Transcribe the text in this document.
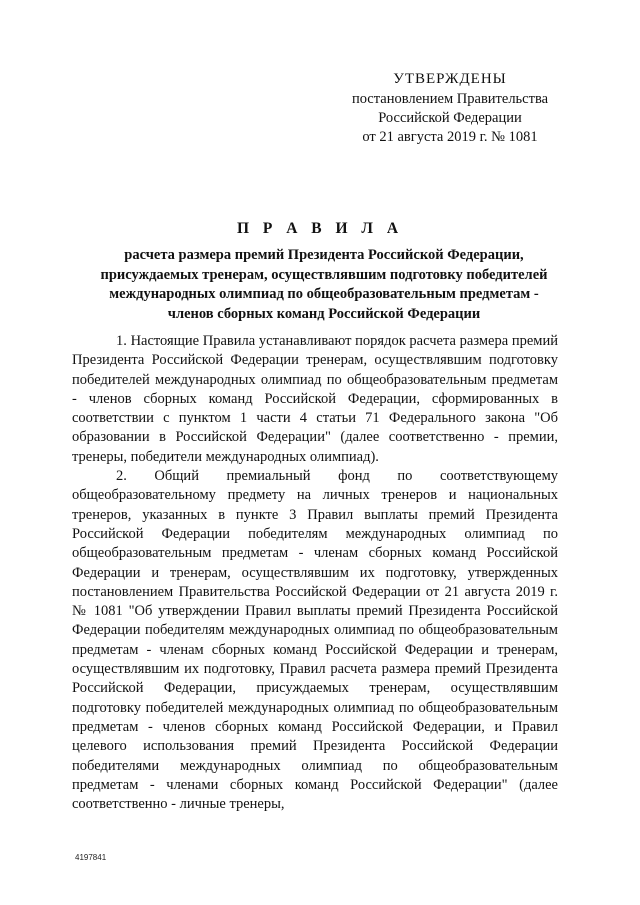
УТВЕРЖДЕНЫ
постановлением Правительства
Российской Федерации
от 21 августа 2019 г. № 1081
П Р А В И Л А
расчета размера премий Президента Российской Федерации, присуждаемых тренерам, осуществлявшим подготовку победителей международных олимпиад по общеобразовательным предметам - членов сборных команд Российской Федерации

1. Настоящие Правила устанавливают порядок расчета размера премий Президента Российской Федерации тренерам, осуществлявшим подготовку победителей международных олимпиад по общеобразовательным предметам - членов сборных команд Российской Федерации, сформированных в соответствии с пунктом 1 части 4 статьи 71 Федерального закона "Об образовании в Российской Федерации" (далее соответственно - премии, тренеры, победители международных олимпиад).

2. Общий премиальный фонд по соответствующему общеобразовательному предмету на личных тренеров и национальных тренеров, указанных в пункте 3 Правил выплаты премий Президента Российской Федерации победителям международных олимпиад по общеобразовательным предметам - членам сборных команд Российской Федерации и тренерам, осуществлявшим их подготовку, утвержденных постановлением Правительства Российской Федерации от 21 августа 2019 г. № 1081 "Об утверждении Правил выплаты премий Президента Российской Федерации победителям международных олимпиад по общеобразовательным предметам - членам сборных команд Российской Федерации и тренерам, осуществлявшим их подготовку, Правил расчета размера премий Президента Российской Федерации, присуждаемых тренерам, осуществлявшим подготовку победителей международных олимпиад по общеобразовательным предметам - членов сборных команд Российской Федерации, и Правил целевого использования премий Президента Российской Федерации победителями международных олимпиад по общеобразовательным предметам - членами сборных команд Российской Федерации" (далее соответственно - личные тренеры,

4197841
